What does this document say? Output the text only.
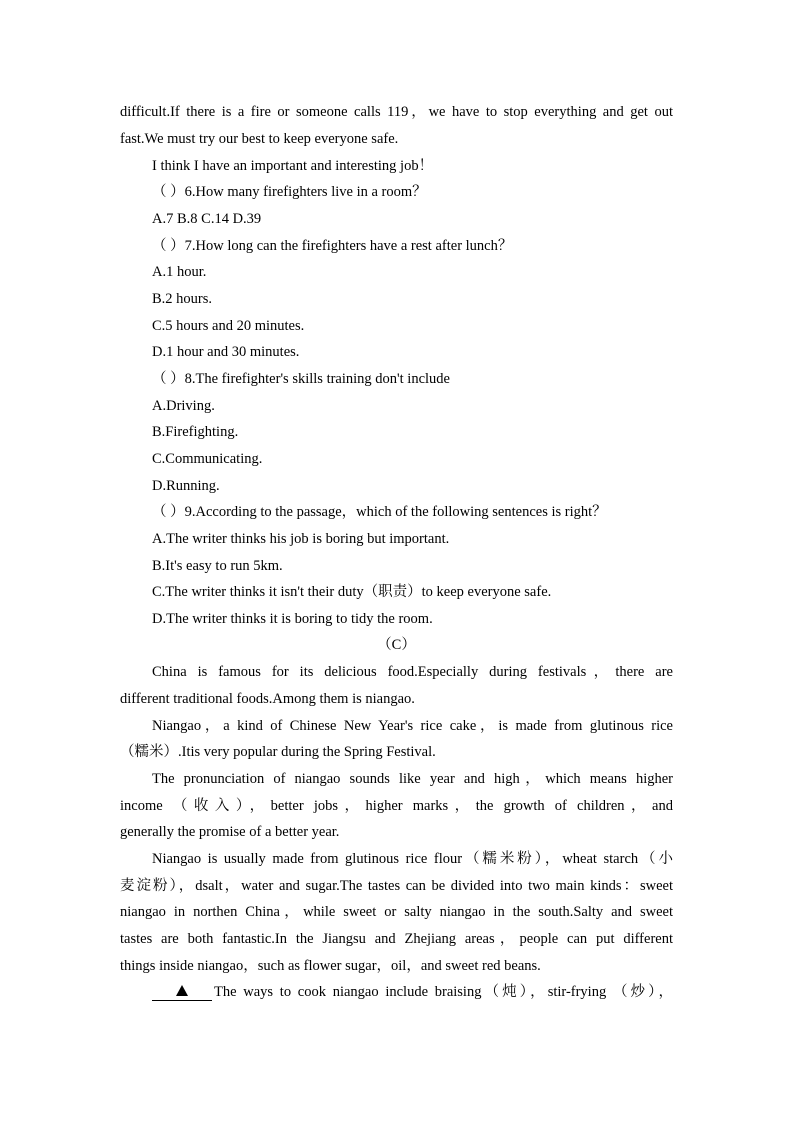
difficult.If there is a fire or someone calls 119，we have to stop everything and get out
fast.We must try our best to keep everyone safe.
I think I have an important and interesting job！
（ ）6.How many firefighters live in a room？
A.7 B.8 C.14 D.39
（ ）7.How long can the firefighters have a rest after lunch？
A.1 hour.
B.2 hours.
C.5 hours and 20 minutes.
D.1 hour and 30 minutes.
（ ）8.The firefighter's skills training don't include
A.Driving.
B.Firefighting.
C.Communicating.
D.Running.
（ ）9.According to the passage，which of the following sentences is right？
A.The writer thinks his job is boring but important.
B.It's easy to run 5km.
C.The writer thinks it isn't their duty（职责）to keep everyone safe.
D.The writer thinks it is boring to tidy the room.
（C）
China is famous for its delicious food.Especially during festivals，there are
different traditional foods.Among them is niangao.
Niangao，a kind of Chinese New Year's rice cake，is made from glutinous rice
（糯米）.Itis very popular during the Spring Festival.
The pronunciation of niangao sounds like year and high，which means higher
income （收入），better jobs，higher marks，the growth of children，and
generally the promise of a better year.
Niangao is usually made from glutinous rice flour（糯米粉），wheat starch（小
麦淀粉），dsalt，water and sugar.The tastes can be divided into two main kinds：sweet
niangao in northen China，while sweet or salty niangao in the south.Salty and sweet
tastes are both fantastic.In the Jiangsu and Zhejiang areas，people can put different
things inside niangao，such as flower sugar，oil，and sweet red beans.
The ways to cook niangao include braising（炖），stir-frying （炒），
